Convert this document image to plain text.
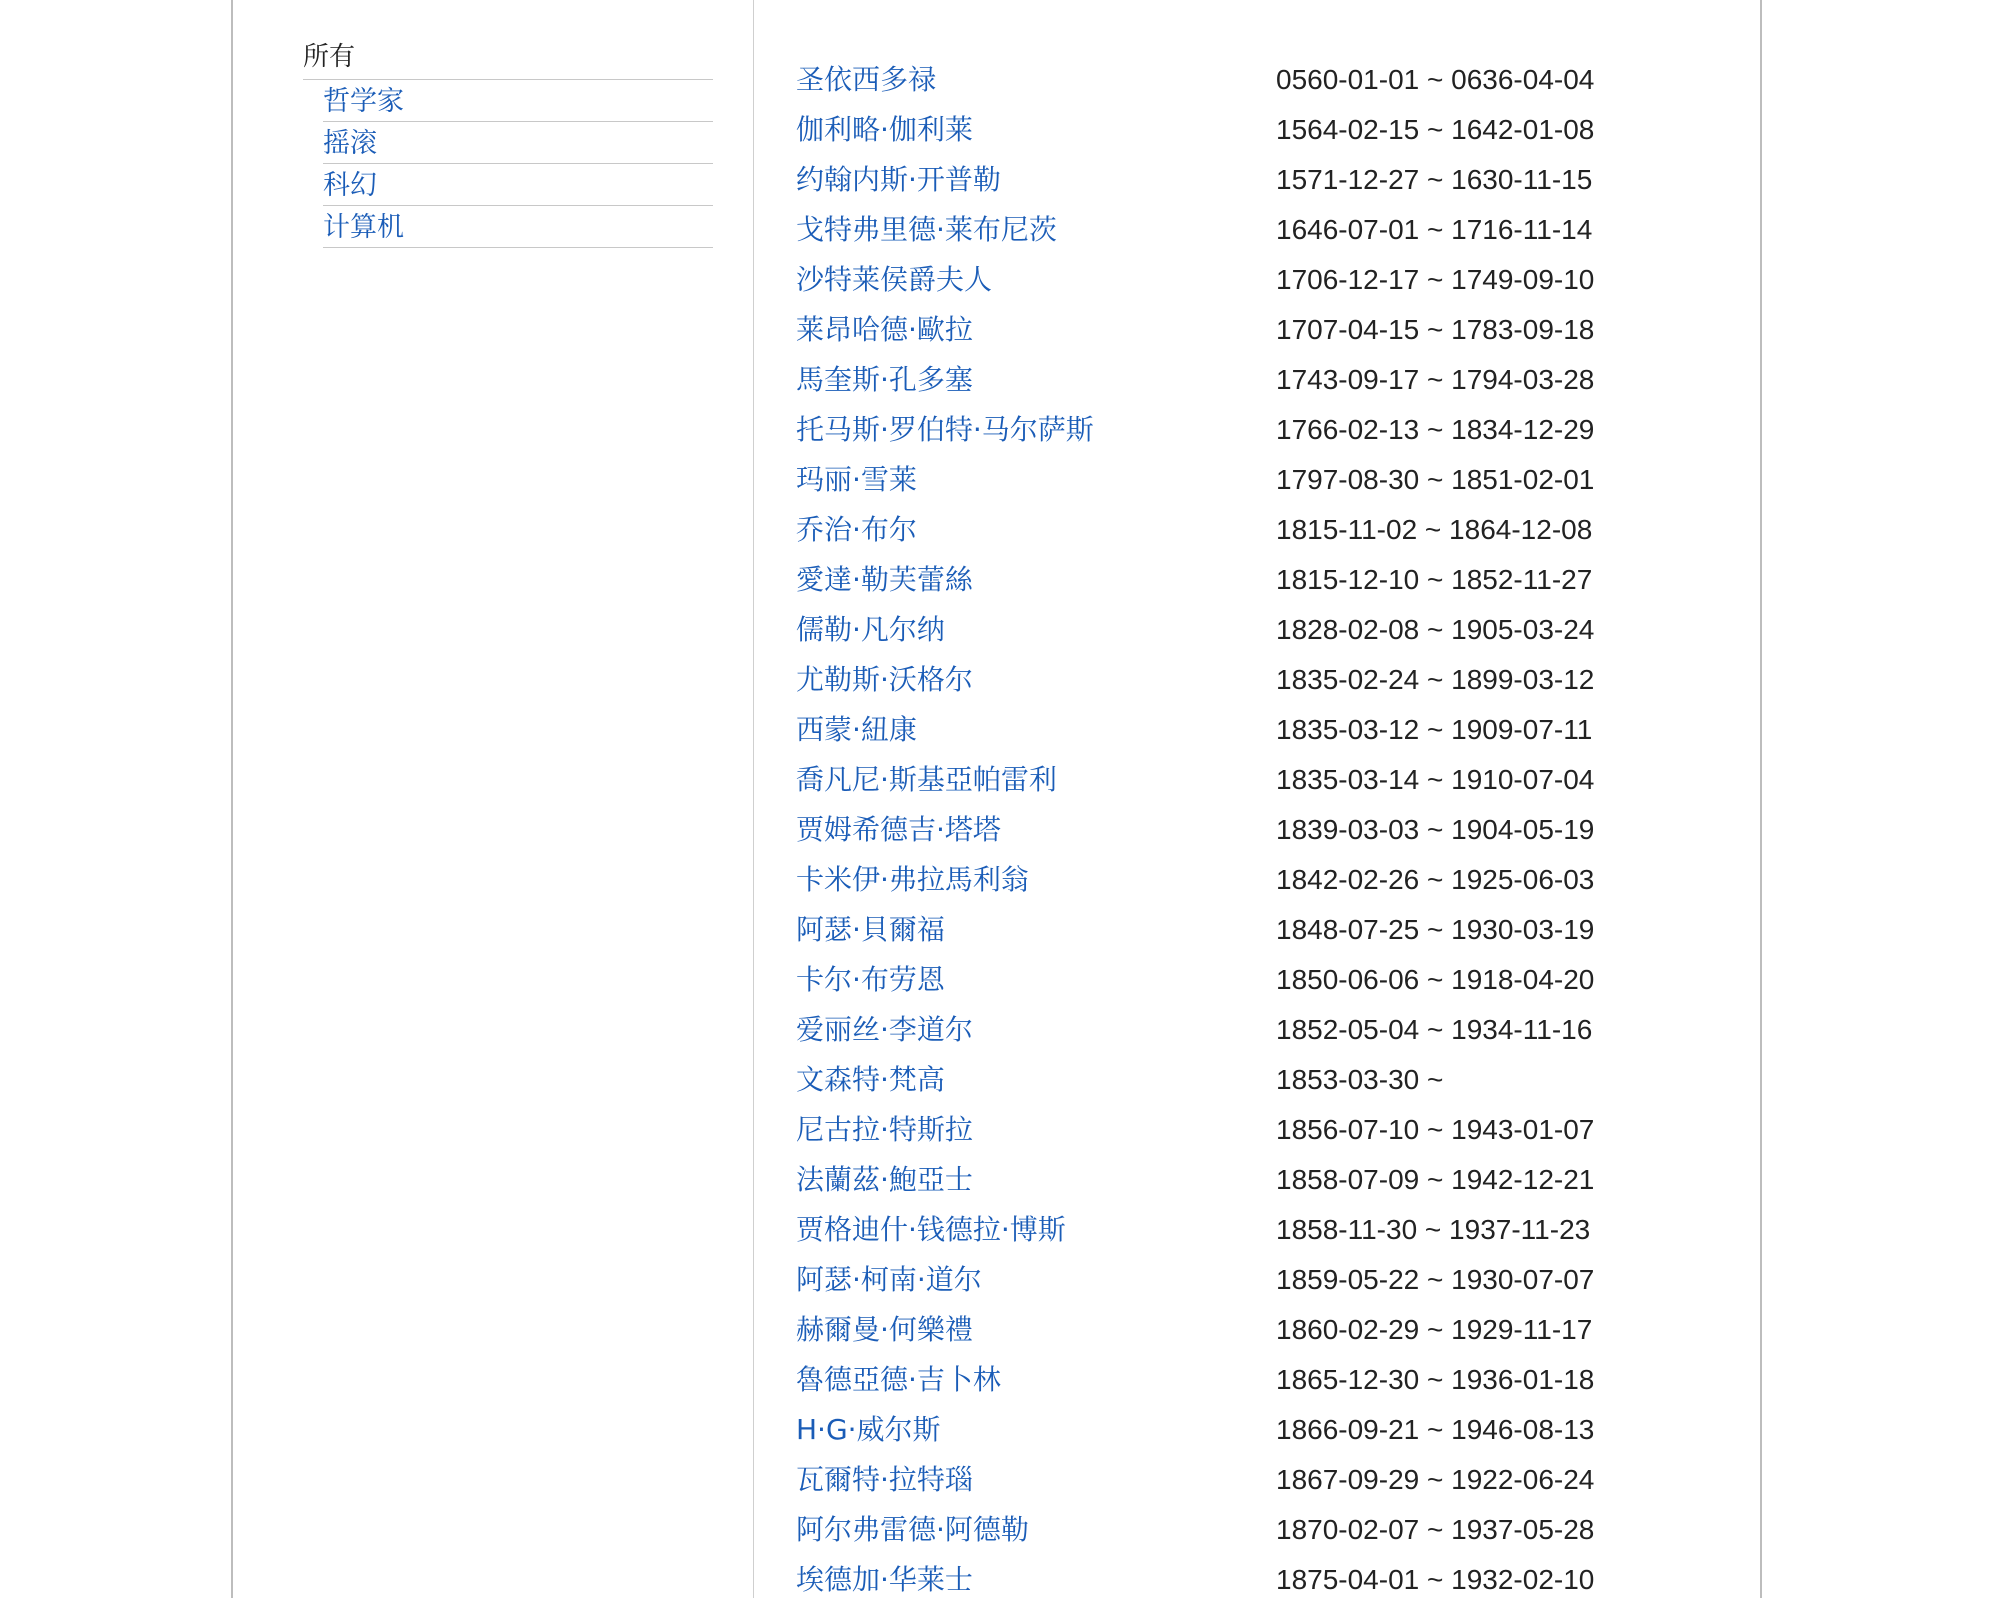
所有
哲学家
摇滚
科幻
计算机
圣依西多禄	0560-01-01 ~ 0636-04-04
伽利略·伽利莱	1564-02-15 ~ 1642-01-08
约翰内斯·开普勒	1571-12-27 ~ 1630-11-15
戈特弗里德·莱布尼茨	1646-07-01 ~ 1716-11-14
沙特莱侯爵夫人	1706-12-17 ~ 1749-09-10
莱昂哈德·歐拉	1707-04-15 ~ 1783-09-18
馬奎斯·孔多塞	1743-09-17 ~ 1794-03-28
托马斯·罗伯特·马尔萨斯	1766-02-13 ~ 1834-12-29
玛丽·雪莱	1797-08-30 ~ 1851-02-01
乔治·布尔	1815-11-02 ~ 1864-12-08
愛達·勒芙蕾絲	1815-12-10 ~ 1852-11-27
儒勒·凡尔纳	1828-02-08 ~ 1905-03-24
尤勒斯·沃格尔	1835-02-24 ~ 1899-03-12
西蒙·紐康	1835-03-12 ~ 1909-07-11
喬凡尼·斯基亞帕雷利	1835-03-14 ~ 1910-07-04
贾姆希德吉·塔塔	1839-03-03 ~ 1904-05-19
卡米伊·弗拉馬利翁	1842-02-26 ~ 1925-06-03
阿瑟·貝爾福	1848-07-25 ~ 1930-03-19
卡尔·布劳恩	1850-06-06 ~ 1918-04-20
爱丽丝·李道尔	1852-05-04 ~ 1934-11-16
文森特·梵高	1853-03-30 ~
尼古拉·特斯拉	1856-07-10 ~ 1943-01-07
法蘭茲·鮑亞士	1858-07-09 ~ 1942-12-21
贾格迪什·钱德拉·博斯	1858-11-30 ~ 1937-11-23
阿瑟·柯南·道尔	1859-05-22 ~ 1930-07-07
赫爾曼·何樂禮	1860-02-29 ~ 1929-11-17
魯德亞德·吉卜林	1865-12-30 ~ 1936-01-18
H·G·威尔斯	1866-09-21 ~ 1946-08-13
瓦爾特·拉特瑙	1867-09-29 ~ 1922-06-24
阿尔弗雷德·阿德勒	1870-02-07 ~ 1937-05-28
埃德加·华莱士	1875-04-01 ~ 1932-02-10
